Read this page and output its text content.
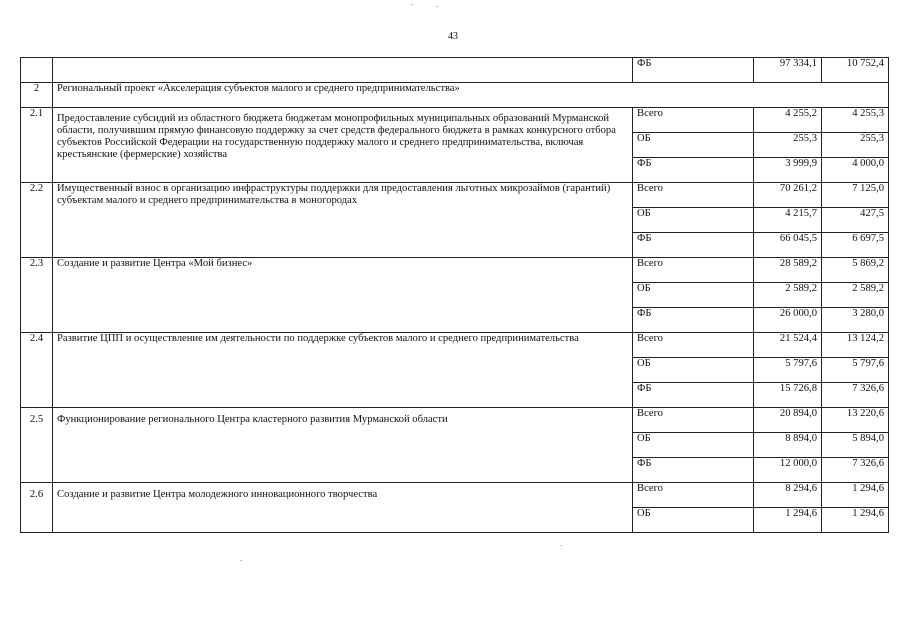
43
		ФБ	97 334,1	10 752,4
2	Региональный проект «Акселерация субъектов малого и среднего предпринимательства»			
2.1	Предоставление субсидий из областного бюджета бюджетам монопрофильных муниципальных образований Мурманской области, получившим прямую финансовую поддержку за счет средств федерального бюджета в рамках конкурсного отбора субъектов Российской Федерации на государственную поддержку малого и среднего предпринимательства, включая крестьянские (фермерские) хозяйства	Всего	4 255,2	4 255,3
		ОБ	255,3	255,3
		ФБ	3 999,9	4 000,0
2.2	Имущественный взнос в организацию инфраструктуры поддержки для предоставления льготных микрозаймов (гарантий) субъектам малого и среднего предпринимательства в моногородах	Всего	70 261,2	7 125,0
		ОБ	4 215,7	427,5
		ФБ	66 045,5	6 697,5
2.3	Создание и развитие Центра «Мой бизнес»	Всего	28 589,2	5 869,2
		ОБ	2 589,2	2 589,2
		ФБ	26 000,0	3 280,0
2.4	Развитие ЦПП и осуществление им деятельности по поддержке субъектов малого и среднего предпринимательства	Всего	21 524,4	13 124,2
		ОБ	5 797,6	5 797,6
		ФБ	15 726,8	7 326,6
2.5	Функционирование регионального Центра кластерного развития Мурманской области	Всего	20 894,0	13 220,6
		ОБ	8 894,0	5 894,0
		ФБ	12 000,0	7 326,6
2.6	Создание и развитие Центра молодежного инновационного творчества	Всего	8 294,6	1 294,6
		ОБ	1 294,6	1 294,6
